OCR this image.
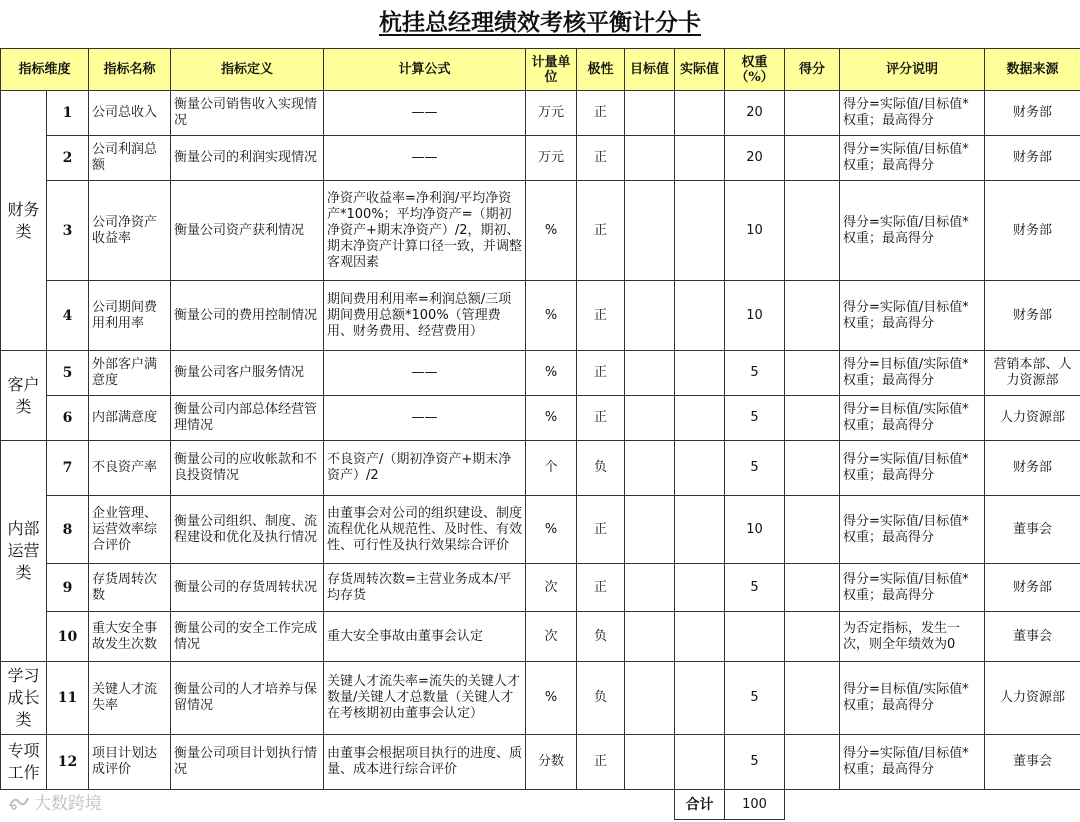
杭挂总经理绩效考核平衡计分卡
指标维度		指标名称	指标定义	计算公式	计量单位	极性	目标值	实际值	权重（%）	得分	评分说明	数据来源
财务类	1	公司总收入	衡量公司销售收入实现情况	——	万元	正			20		得分=实际值/目标值*权重；最高得分	财务部
	2	公司利润总额	衡量公司的利润实现情况	——	万元	正			20		得分=实际值/目标值*权重；最高得分	财务部
	3	公司净资产收益率	衡量公司资产获利情况	净资产收益率=净利润/平均净资产*100%；平均净资产=（期初净资产+期末净资产）/2，期初、期末净资产计算口径一致，并调整客观因素	%	正			10		得分=实际值/目标值*权重；最高得分	财务部
	4	公司期间费用利用率	衡量公司的费用控制情况	期间费用利用率=利润总额/三项期间费用总额*100%（管理费用、财务费用、经营费用）	%	正			10		得分=实际值/目标值*权重；最高得分	财务部
客户类	5	外部客户满意度	衡量公司客户服务情况	——	%	正			5		得分=目标值/实际值*权重；最高得分	营销本部、人力资源部
	6	内部满意度	衡量公司内部总体经营管理情况	——	%	正			5		得分=目标值/实际值*权重；最高得分	人力资源部
内部运营类	7	不良资产率	衡量公司的应收帐款和不良投资情况	不良资产/（期初净资产+期末净资产）/2	个	负			5		得分=实际值/目标值*权重；最高得分	财务部
	8	企业管理、运营效率综合评价	衡量公司组织、制度、流程建设和优化及执行情况	由董事会对公司的组织建设、制度流程优化从规范性、及时性、有效性、可行性及执行效果综合评价	%	正			10		得分=实际值/目标值*权重；最高得分	董事会
	9	存货周转次数	衡量公司的存货周转状况	存货周转次数=主营业务成本/平均存货	次	正			5		得分=实际值/目标值*权重；最高得分	财务部
	10	重大安全事故发生次数	衡量公司的安全工作完成情况	重大安全事故由董事会认定	次	负					为否定指标，发生一次，则全年绩效为0	董事会
学习成长类	11	关键人才流失率	衡量公司的人才培养与保留情况	关键人才流失率=流失的关键人才数量/关键人才总数量（关键人才在考核期初由董事会认定）	%	负			5		得分=目标值/实际值*权重；最高得分	人力资源部
专项工作	12	项目计划达成评价	衡量公司项目计划执行情况	由董事会根据项目执行的进度、质量、成本进行综合评价	分数	正			5		得分=实际值/目标值*权重；最高得分	董事会
								合计	100			
大数跨境
